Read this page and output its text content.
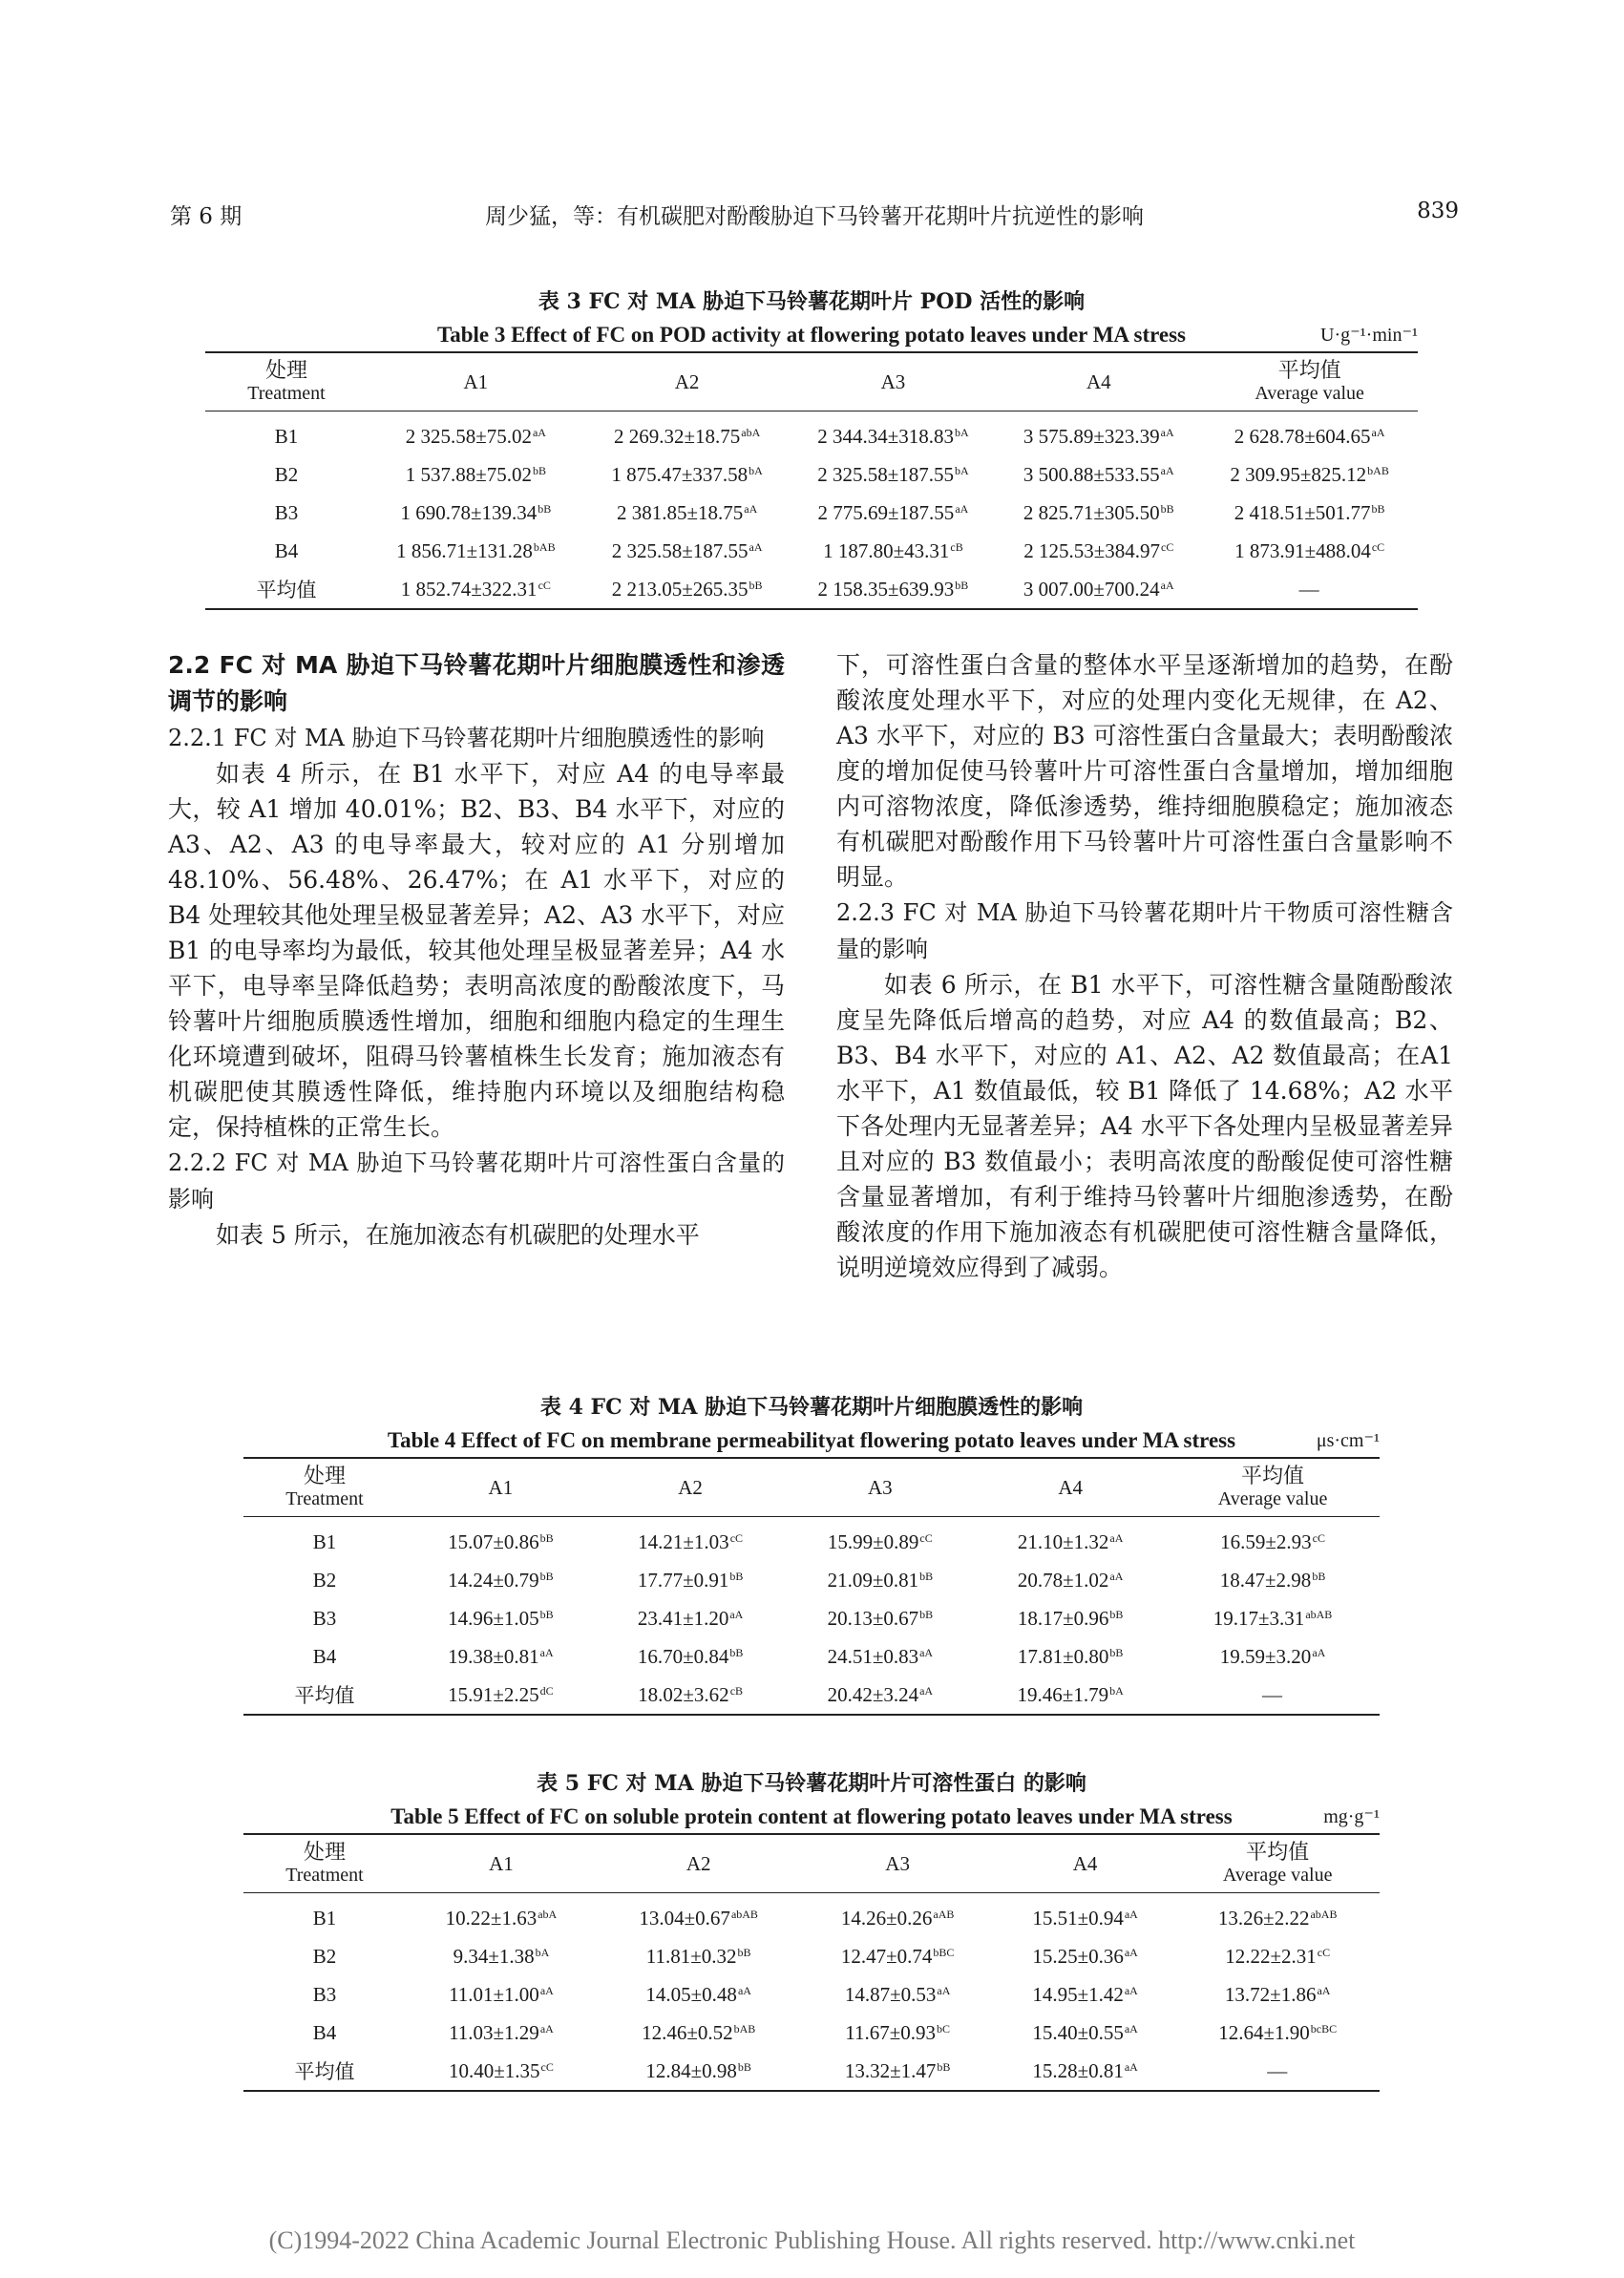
第 6 期	周少猛，等：有机碳肥对酚酸胁迫下马铃薯开花期叶片抗逆性的影响	839
表 3 FC 对 MA 胁迫下马铃薯花期叶片 POD 活性的影响
Table 3 Effect of FC on POD activity at flowering potato leaves under MA stress	U·g⁻¹·min⁻¹
处理
Treatment	A1	A2	A3	A4	平均值
Average value

B1	2 $325.58\pm 75.02^{aA}$	2 $269.32\pm 18.75^{abA}$	2 $344.34\pm 318.83^{bA}$	3 $575.89\pm 323.39^{aA}$	2 $628.78\pm 604.65^{aA}$
B2	1 $537.88\pm 75.02^{bB}$	1 $875.47\pm 337.58^{bA}$	2 $325.58\pm 187.55^{bA}$	3 $500.88\pm 533.55^{aA}$	2 $309.95\pm 825.12^{bAB}$
B3	1 $690.78\pm 139.34^{bB}$	2 $381.85\pm 18.75^{aA}$	2 $775.69\pm 187.55^{aA}$	2 $825.71\pm 305.50^{bB}$	2 $418.51\pm 501.77^{bB}$
B4	1 $856.71\pm 131.28^{bAB}$	2 $325.58\pm 187.55^{aA}$	1 $187.80\pm 43.31^{cB}$	2 $125.53\pm 384.97^{cC}$	1 $873.91\pm 488.04^{cC}$
平均值	1 $852.74\pm 322.31^{cC}$	2 $213.05\pm 265.35^{bB}$	2 $158.35\pm 639.93^{bB}$	3 $007.00\pm 700.24^{aA}$	—

2.2 FC 对 MA 胁迫下马铃薯花期叶片细胞膜透性和渗透调节的影响

2.2.1 FC 对 MA 胁迫下马铃薯花期叶片细胞膜透性的影响

如表 4 所示，在 B1 水平下，对应 A4 的电导率最大，较 A1 增加 40.01%；B2、B3、B4 水平下，对应的A3、A2、A3 的电导率最大，较对应的 A1 分别增加48.10%、56.48%、26.47%；在 A1 水平下，对应的 B4 处理较其他处理呈极显著差异；A2、A3 水平下，对应 B1 的电导率均为最低，较其他处理呈极显著差异；A4 水平下，电导率呈降低趋势；表明高浓度的酚酸浓度下，马铃薯叶片细胞质膜透性增加，细胞和细胞内稳定的生理生化环境遭到破坏，阻碍马铃薯植株生长发育；施加液态有机碳肥使其膜透性降低，维持胞内环境以及细胞结构稳定，保持植株的正常生长。

2.2.2 FC 对 MA 胁迫下马铃薯花期叶片可溶性蛋白含量的影响

如表 5 所示，在施加液态有机碳肥的处理水平

下，可溶性蛋白含量的整体水平呈逐渐增加的趋势，在酚酸浓度处理水平下，对应的处理内变化无规律，在 A2、A3 水平下，对应的 B3 可溶性蛋白含量最大；表明酚酸浓度的增加促使马铃薯叶片可溶性蛋白含量增加，增加细胞内可溶物浓度，降低渗透势，维持细胞膜稳定；施加液态有机碳肥对酚酸作用下马铃薯叶片可溶性蛋白含量影响不明显。

2.2.3 FC 对 MA 胁迫下马铃薯花期叶片干物质可溶性糖含量的影响

如表 6 所示，在 B1 水平下，可溶性糖含量随酚酸浓度呈先降低后增高的趋势，对应 A4 的数值最高；B2、B3、B4 水平下，对应的 A1、A2、A2 数值最高；在A1 水平下，A1 数值最低，较 B1 降低了 14.68%；A2 水平下各处理内无显著差异；A4 水平下各处理内呈极显著差异且对应的 B3 数值最小；表明高浓度的酚酸促使可溶性糖含量显著增加，有利于维持马铃薯叶片细胞渗透势，在酚酸浓度的作用下施加液态有机碳肥使可溶性糖含量降低，说明逆境效应得到了减弱。

表 4 FC 对 MA 胁迫下马铃薯花期叶片细胞膜透性的影响
Table 4 Effect of FC on membrane permeabilityat flowering potato leaves under MA stress	μs·cm⁻¹
处理
Treatment	A1	A2	A3	A4	平均值
Average value

B1	$15.07\pm 0.86^{bB}$	$14.21\pm 1.03^{cC}$	$15.99\pm 0.89^{cC}$	$21.10\pm 1.32^{aA}$	$16.59\pm 2.93^{cC}$
B2	$14.24\pm 0.79^{bB}$	$17.77\pm 0.91^{bB}$	$21.09\pm 0.81^{bB}$	$20.78\pm 1.02^{aA}$	$18.47\pm 2.98^{bB}$
B3	$14.96\pm 1.05^{bB}$	$23.41\pm 1.20^{aA}$	$20.13\pm 0.67^{bB}$	$18.17\pm 0.96^{bB}$	$19.17\pm 3.31^{abAB}$
B4	$19.38\pm 0.81^{aA}$	$16.70\pm 0.84^{bB}$	$24.51\pm 0.83^{aA}$	$17.81\pm 0.80^{bB}$	$19.59\pm 3.20^{aA}$
平均值	$15.91\pm 2.25^{dC}$	$18.02\pm 3.62^{cB}$	$20.42\pm 3.24^{aA}$	$19.46\pm 1.79^{bA}$	—
表 5 FC 对 MA 胁迫下马铃薯花期叶片可溶性蛋白 的影响
Table 5 Effect of FC on soluble protein content at flowering potato leaves under MA stress	mg·g⁻¹
处理
Treatment	A1	A2	A3	A4	平均值
Average value

B1	$10.22\pm 1.63^{abA}$	$13.04\pm 0.67^{abAB}$	$14.26\pm 0.26^{aAB}$	$15.51\pm 0.94^{aA}$	$13.26\pm 2.22^{abAB}$
B2	$9.34\pm 1.38^{bA}$	$11.81\pm 0.32^{bB}$	$12.47\pm 0.74^{bBC}$	$15.25\pm 0.36^{aA}$	$12.22\pm 2.31^{cC}$
B3	$11.01\pm 1.00^{aA}$	$14.05\pm 0.48^{aA}$	$14.87\pm 0.53^{aA}$	$14.95\pm 1.42^{aA}$	$13.72\pm 1.86^{aA}$
B4	$11.03\pm 1.29^{aA}$	$12.46\pm 0.52^{bAB}$	$11.67\pm 0.93^{bC}$	$15.40\pm 0.55^{aA}$	$12.64\pm 1.90^{bcBC}$
平均值	$10.40\pm 1.35^{cC}$	$12.84\pm 0.98^{bB}$	$13.32\pm 1.47^{bB}$	$15.28\pm 0.81^{aA}$	—
(C)1994-2022 China Academic Journal Electronic Publishing House. All rights reserved. http://www.cnki.net
